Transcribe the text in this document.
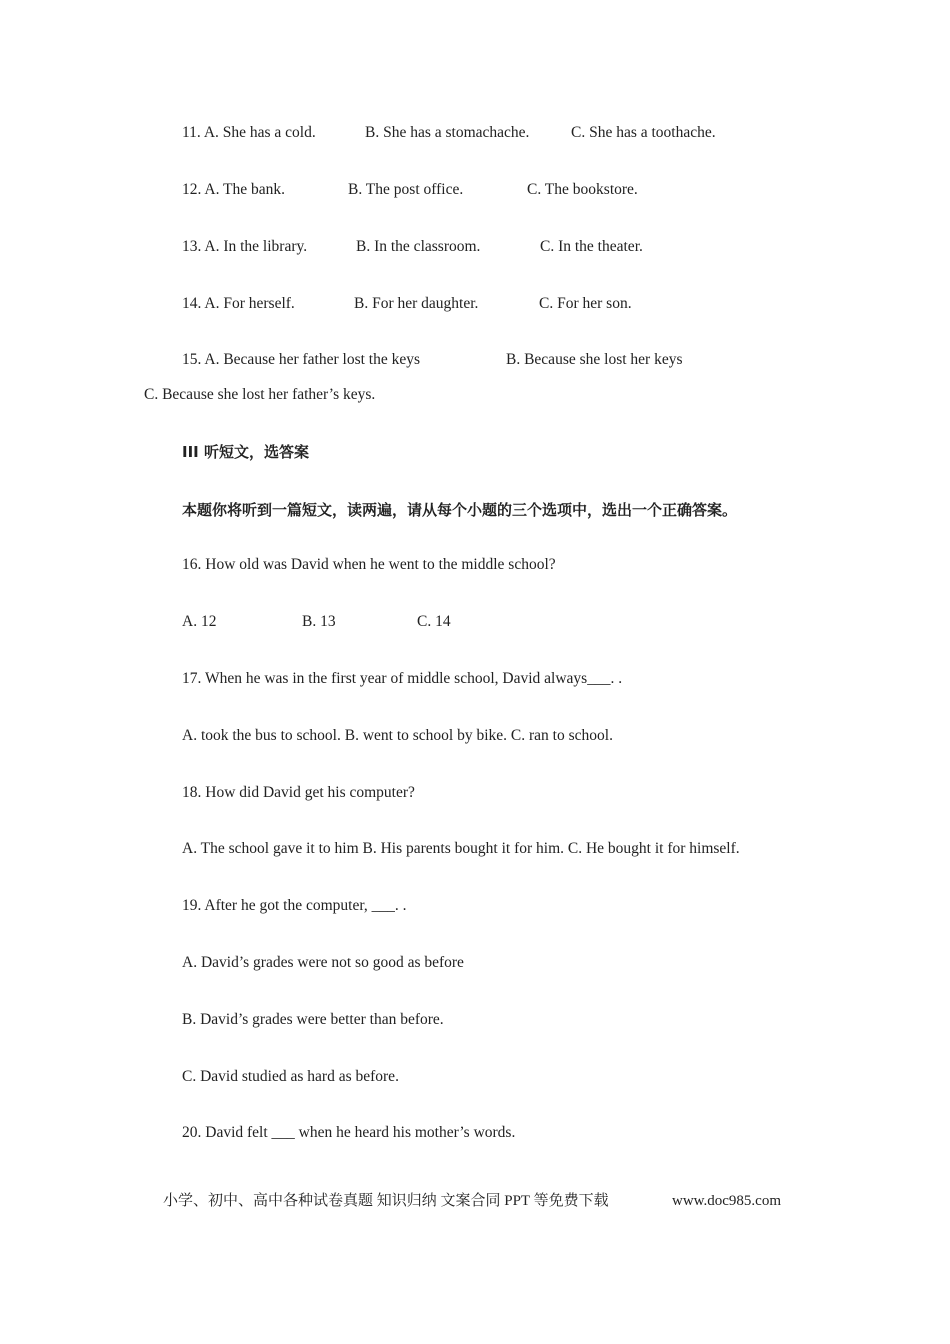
11. A. She has a cold.	B. She has a stomachache.	C. She has a toothache.
12. A. The bank.	B. The post office.	C. The bookstore.
13. A. In the library.	B. In the classroom.	C. In the theater.
14. A. For herself.	B. For her daughter.	C. For her son.
15. A. Because her father lost the keys	B. Because she lost her keys
C. Because she lost her father’s keys.
III 听短文，选答案
本题你将听到一篇短文，读两遍，请从每个小题的三个选项中，选出一个正确答案。
16. How old was David when he went to the middle school?
A. 12	B. 13	C. 14
17. When he was in the first year of middle school, David always___. .
A. took the bus to school. B. went to school by bike. C. ran to school.
18. How did David get his computer?
A. The school gave it to him B. His parents bought it for him. C. He bought it for himself.
19. After he got the computer, ___. .
A. David’s grades were not so good as before
B. David’s grades were better than before.
C. David studied as hard as before.
20. David felt ___ when he heard his mother’s words.
小学、初中、高中各种试卷真题 知识归纳 文案合同 PPT 等免费下载	www.doc985.com
